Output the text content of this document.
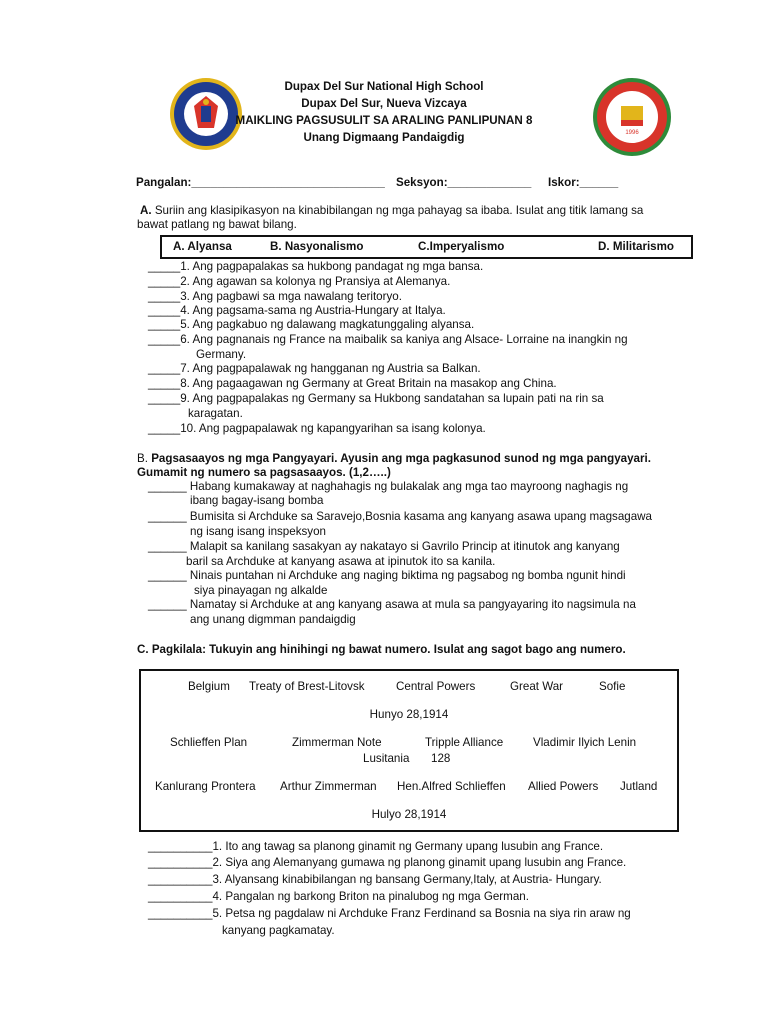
1996
Dupax Del Sur National High School
Dupax Del Sur, Nueva Vizcaya
MAIKLING PAGSUSULIT SA ARALING PANLIPUNAN 8
Unang Digmaang Pandaigdig
Pangalan:______________________________ Seksyon:_____________ Iskor:______
A. Suriin ang klasipikasyon na kinabibilangan ng mga pahayag sa ibaba. Isulat ang titik lamang sa
bawat patlang ng bawat bilang.
A. Alyansa	B. Nasyonalismo	C.Imperyalismo	D. Militarismo
_____1. Ang pagpapalakas sa hukbong pandagat ng mga bansa.
_____2. Ang agawan sa kolonya ng Pransiya at Alemanya.
_____3. Ang pagbawi sa mga nawalang teritoryo.
_____4. Ang pagsama-sama ng Austria-Hungary at Italya.
_____5. Ang pagkabuo ng dalawang magkatunggaling alyansa.
_____6. Ang pagnanais ng France na maibalik sa kaniya ang Alsace- Lorraine na inangkin ng
Germany.
_____7. Ang pagpapalawak ng hangganan ng Austria sa Balkan.
_____8. Ang pagaagawan ng Germany at Great Britain na masakop ang China.
_____9. Ang pagpapalakas ng Germany sa Hukbong sandatahan sa lupain pati na rin sa
karagatan.
_____10. Ang pagpapalawak ng kapangyarihan sa isang kolonya.
B. Pagsasaayos ng mga Pangyayari. Ayusin ang mga pagkasunod sunod ng mga pangyayari.
Gumamit ng numero sa pagsasaayos. (1,2…..)
______ Habang kumakaway at naghahagis ng bulakalak ang mga tao mayroong naghagis ng
ibang bagay-isang bomba
______ Bumisita si Archduke sa Saravejo,Bosnia kasama ang kanyang asawa upang magsagawa
ng isang isang inspeksyon
______ Malapit sa kanilang sasakyan ay nakatayo si Gavrilo Princip at itinutok ang kanyang
baril sa Archduke at kanyang asawa at ipinutok ito sa kanila.
______ Ninais puntahan ni Archduke ang naging biktima ng pagsabog ng bomba ngunit hindi
siya pinayagan ng alkalde
______ Namatay si Archduke at ang kanyang asawa at mula sa pangyayaring ito nagsimula na
ang unang digmman pandaigdig
C. Pagkilala: Tukuyin ang hinihingi ng bawat numero. Isulat ang sagot bago ang numero.
Belgium Treaty of Brest-Litovsk	Central Powers	Great War	Sofie
Hunyo 28,1914
Schlieffen Plan	Zimmerman Note	Tripple Alliance	Vladimir Ilyich Lenin
Lusitania 128
Kanlurang Prontera Arthur Zimmerman Hen.Alfred Schlieffen Allied Powers Jutland
Hulyo 28,1914
__________1. Ito ang tawag sa planong ginamit ng Germany upang lusubin ang France.
__________2. Siya ang Alemanyang gumawa ng planong ginamit upang lusubin ang France.
__________3. Alyansang kinabibilangan ng bansang Germany,Italy, at Austria- Hungary.
__________4. Pangalan ng barkong Briton na pinalubog ng mga German.
__________5. Petsa ng pagdalaw ni Archduke Franz Ferdinand sa Bosnia na siya rin araw ng
kanyang pagkamatay.
